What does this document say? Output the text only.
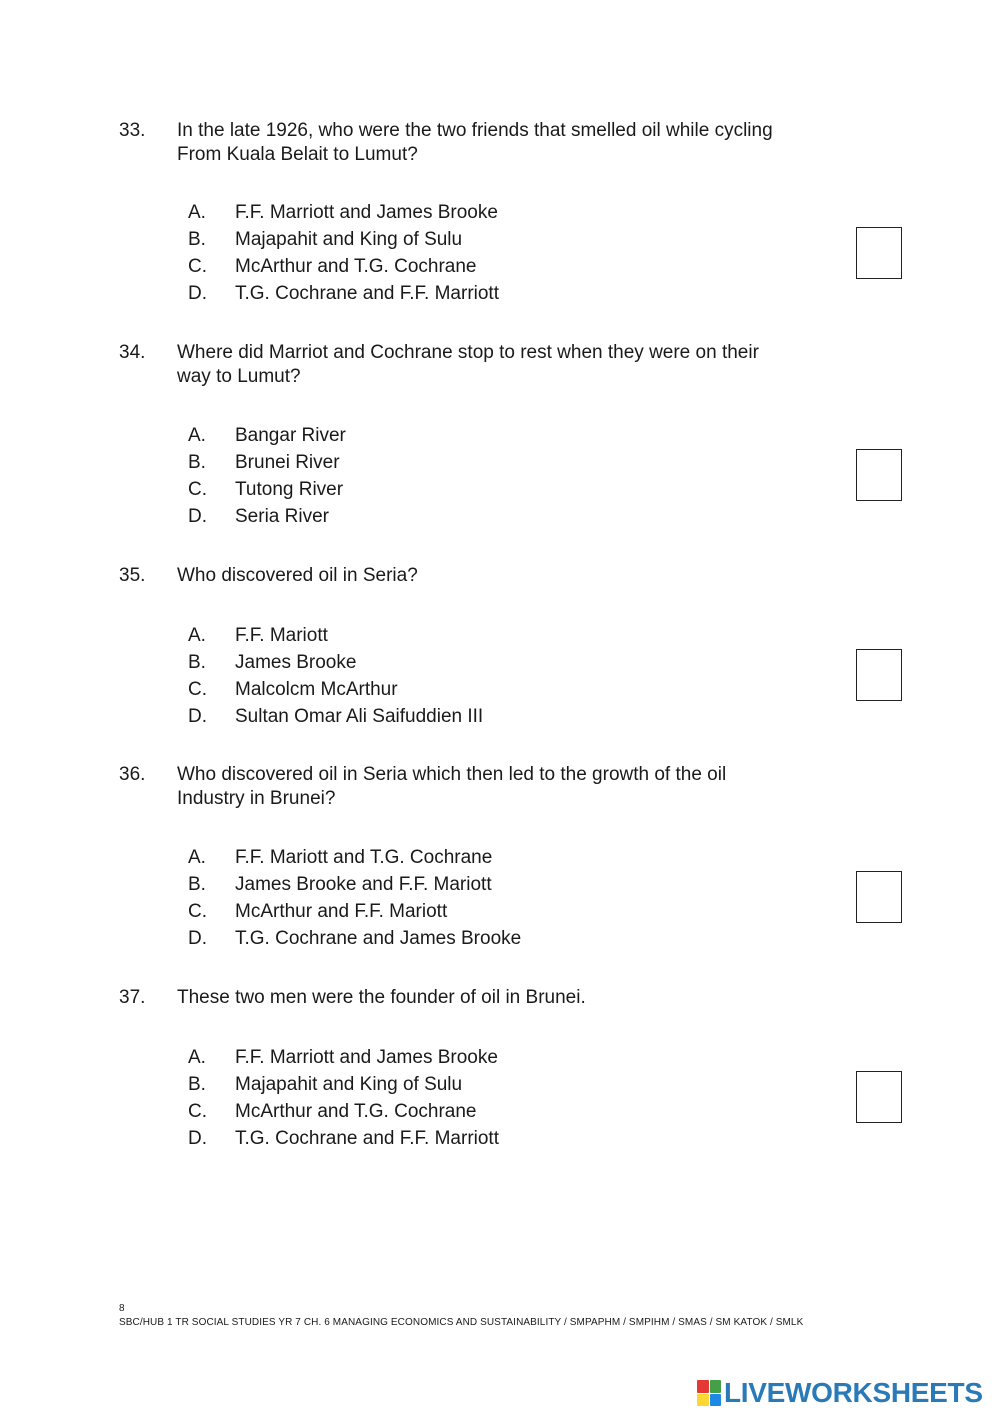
33. In the late 1926, who were the two friends that smelled oil while cycling
From Kuala Belait to Lumut?
A. F.F. Marriott and James Brooke
B. Majapahit and King of Sulu
C. McArthur and T.G. Cochrane
D. T.G. Cochrane and F.F. Marriott
34. Where did Marriot and Cochrane stop to rest when they were on their
way to Lumut?
A. Bangar River
B. Brunei River
C. Tutong River
D. Seria River
35. Who discovered oil in Seria?
A. F.F. Mariott
B. James Brooke
C. Malcolcm McArthur
D. Sultan Omar Ali Saifuddien III
36. Who discovered oil in Seria which then led to the growth of the oil
Industry in Brunei?
A. F.F. Mariott and T.G. Cochrane
B. James Brooke and F.F. Mariott
C. McArthur and F.F. Mariott
D. T.G. Cochrane and James Brooke
37. These two men were the founder of oil in Brunei.
A. F.F. Marriott and James Brooke
B. Majapahit and King of Sulu
C. McArthur and T.G. Cochrane
D. T.G. Cochrane and F.F. Marriott
8
SBC/HUB 1 TR SOCIAL STUDIES YR 7 CH. 6 MANAGING ECONOMICS AND SUSTAINABILITY / SMPAPHM / SMPIHM / SMAS / SM KATOK / SMLK
LIVEWORKSHEETS
